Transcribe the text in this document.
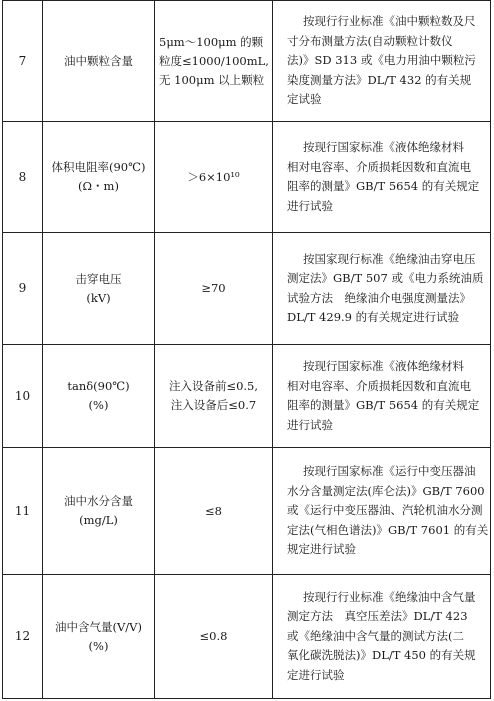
7	油中颗粒含量	5μm～100μm 的颗
粒度≤1000/100mL,
无 100μm 以上颗粒	按现行行业标准《油中颗粒数及尺
寸分布测量方法(自动颗粒计数仪
法)》SD 313 或《电力用油中颗粒污
染度测量方法》DL/T 432 的有关规
定试验

8	体积电阻率(90℃)
(Ω・m)	＞6×10¹⁰	按现行国家标准《液体绝缘材料
相对电容率、介质损耗因数和直流电
阻率的测量》GB/T 5654 的有关规定
进行试验

9	击穿电压
(kV)	≥70	按国家现行标准《绝缘油击穿电压
测定法》GB/T 507 或《电力系统油质
试验方法　绝缘油介电强度测量法》
DL/T 429.9 的有关规定进行试验

10	tanδ(90℃)
(%)	注入设备前≤0.5,
注入设备后≤0.7	按现行国家标准《液体绝缘材料
相对电容率、介质损耗因数和直流电
阻率的测量》GB/T 5654 的有关规定
进行试验

11	油中水分含量
(mg/L)	≤8	按现行国家标准《运行中变压器油
水分含量测定法(库仑法)》GB/T 7600
或《运行中变压器油、汽轮机油水分测
定法(气相色谱法)》GB/T 7601 的有关
规定进行试验

12	油中含气量(V/V)
(%)	≤0.8	按现行行业标准《绝缘油中含气量
测定方法　真空压差法》DL/T 423
或《绝缘油中含气量的测试方法(二
氧化碳洗脱法)》DL/T 450 的有关规
定进行试验
